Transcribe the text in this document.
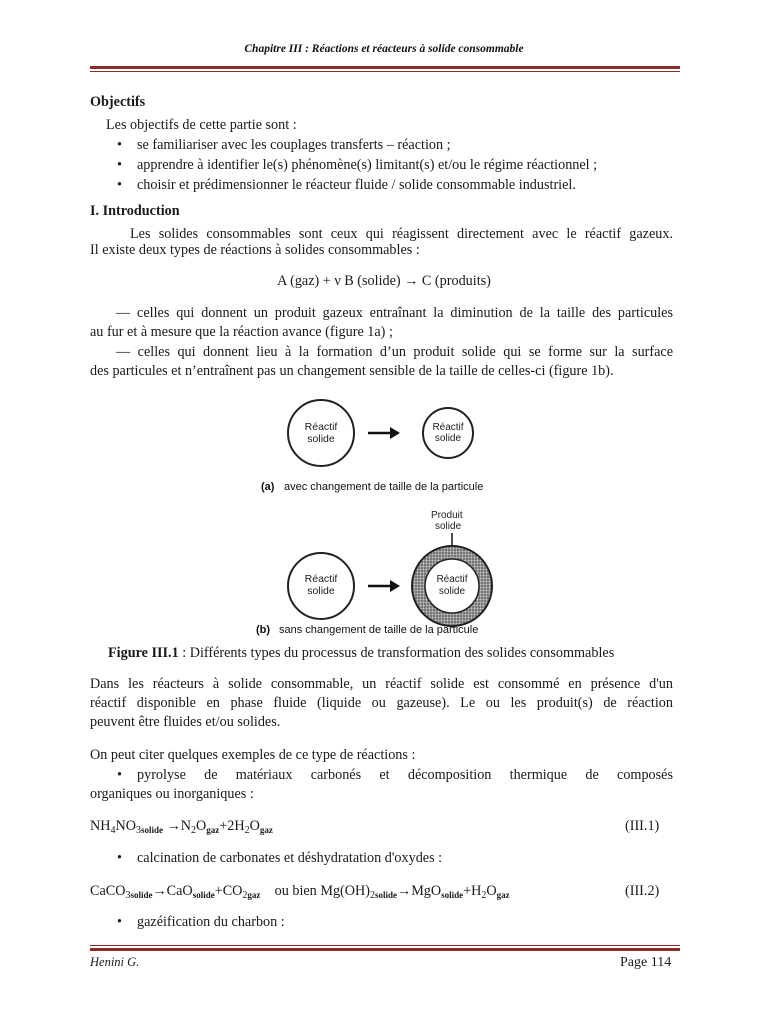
Chapitre III : Réactions et réacteurs à solide consommable
Objectifs
Les objectifs de cette partie sont :
• se familiariser avec les couplages transferts – réaction ;
• apprendre à identifier le(s) phénomène(s) limitant(s) et/ou le régime réactionnel ;
• choisir et prédimensionner le réacteur fluide / solide consommable industriel.
I. Introduction
Les solides consommables sont ceux qui réagissent directement avec le réactif gazeux.
Il existe deux types de réactions à solides consommables :
A (gaz) + ν B (solide) → C (produits)
— celles qui donnent un produit gazeux entraînant la diminution de la taille des particules
au fur et à mesure que la réaction avance (figure 1a) ;
— celles qui donnent lieu à la formation d’un produit solide qui se forme sur la surface
des particules et n’entraînent pas un changement sensible de la taille de celles-ci (figure 1b).
Réactif
solide
Réactif
solide
(a) avec changement de taille de la particule
Produit
solide
Réactif
solide
Réactif
solide
(b) sans changement de taille de la particule
Figure III.1 : Différents types du processus de transformation des solides consommables
Dans les réacteurs à solide consommable, un réactif solide est consommé en présence d'un
réactif disponible en phase fluide (liquide ou gazeuse). Le ou les produit(s) de réaction
peuvent être fluides et/ou solides.
On peut citer quelques exemples de ce type de réactions :
• pyrolyse de matériaux carbonés et décomposition thermique de composés
organiques ou inorganiques :
$NH_4NO_{3solide} \to N_2O_{gaz}+2H_2O_{gaz}$	(III.1)
• calcination de carbonates et déshydratation d'oxydes :
$CaCO_{3solide}\to CaO_{solide}+CO_{2gaz}$ ou bien $Mg(OH)_{2solide}\to MgO_{solide}+H_2O_{gaz}$	(III.2)
• gazéification du charbon :
Henini G.	Page 114
